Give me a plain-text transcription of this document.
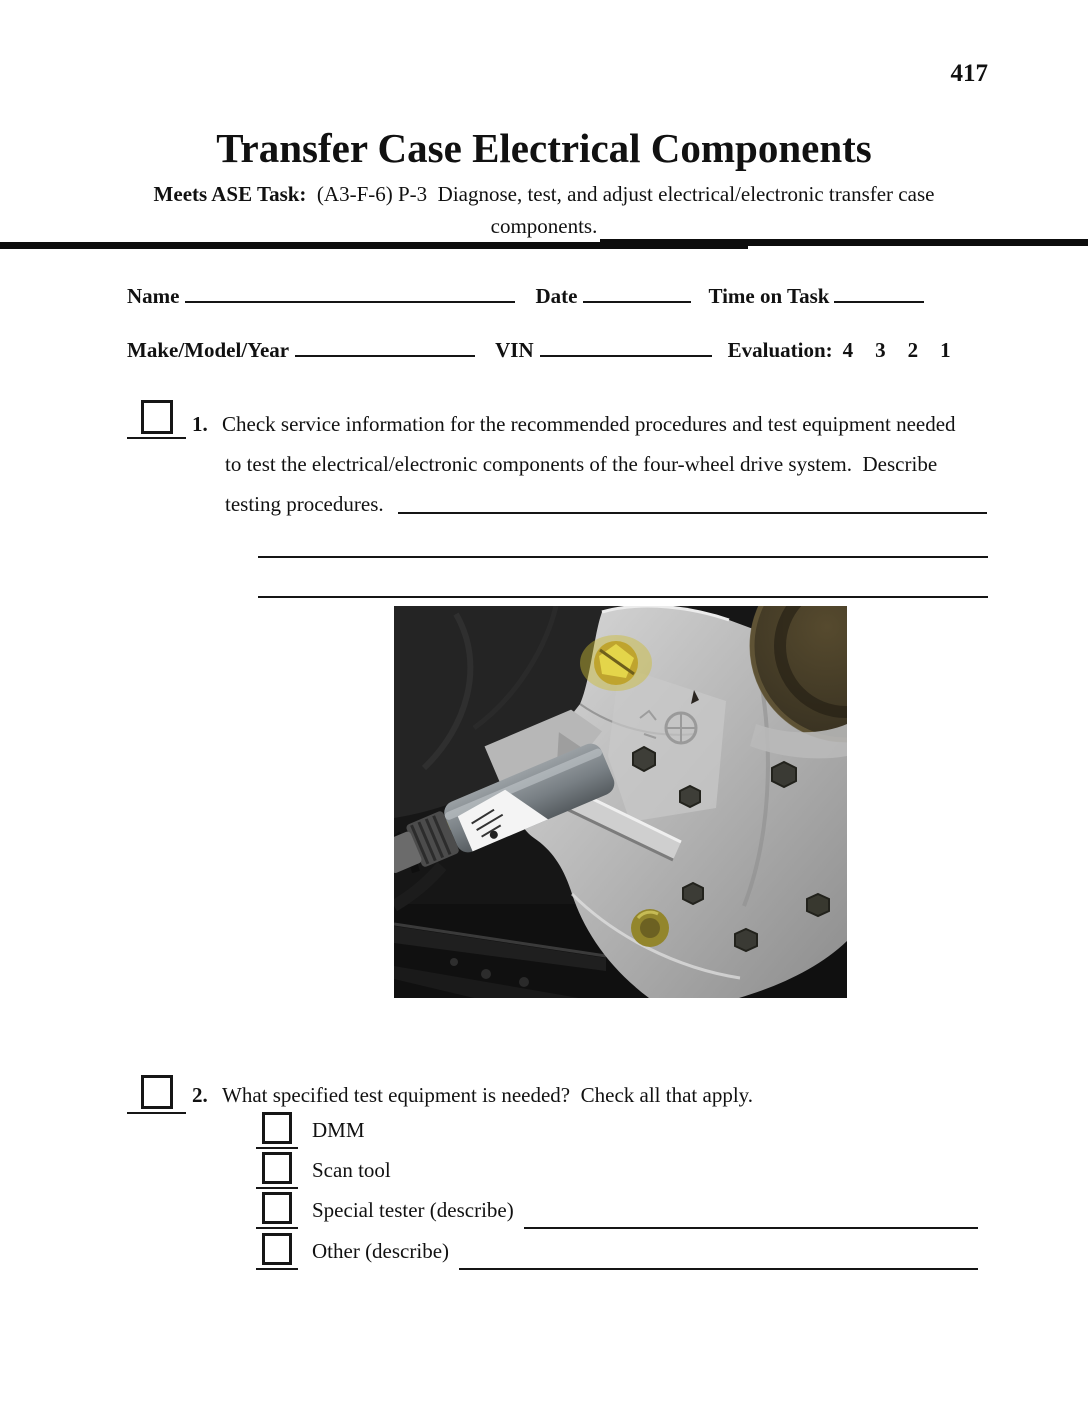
417
Transfer Case Electrical Components
Meets ASE Task:  (A3-F-6) P-3  Diagnose, test, and adjust electrical/electronic transfer case
components.
Name	Date	Time on Task
Make/Model/Year	VIN	Evaluation: 4 3 2 1
1. Check service information for the recommended procedures and test equipment needed
to test the electrical/electronic components of the four-wheel drive system.  Describe
testing procedures.
2. What specified test equipment is needed?  Check all that apply.
DMM
Scan tool
Special tester (describe)
Other (describe)
